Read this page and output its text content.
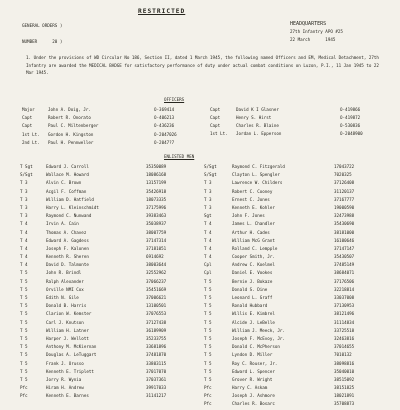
RESTRICTED
GENERAL ORDERS )
NUMBER      20 )
HEADQUARTERS
27th Infantry APO #25
22 March      1945
1. Under the provisions of WD Circular No 186, Section II, dated 1 March 1945, the following named Officers and EM, Medical Detachment, 27th Infantry are awarded the MEDICAL BADGE for satisfactory performance of duty under actual combat conditions on Luzon, P.I., 11 Jan 1945 to 22 Mar 1945.
OFFICERS
Major	John A. Doig, Jr.	O-369414
Capt	Robert R. Onorato	O-406213
Capt	Paul C. Miltenberger	O-436236
1st Lt. Gordon H. Kingston	O-2047026
2nd Lt. Paul H. Pennweller	O-2047?7
Capt	David K I Glasner	O-419866
Capt	Henry S. Hirst	O-419872
Capt	Charles R. Blaine	O-530836
1st Lt. Jordan L. Epperson	O-2048900
ENLISTED MEN
T Sgt	Edward J. Carroll	35350089
S/Sgt	Wallace M. Howard	18086168
T 3	Alvin C. Brown	13157199
T 3	Acgil F. Coffman	35426918
T 3	William D. Hatfield	18073335
T 3	Harry L. Kleinschmidt	37175996
T 3	Raymond C. Nunwand	39383463
T 4	Irvin A. Cain	35038937
T 4	Thomas A. Chavez	38007759
T 4	Edward A. Gagdess	37147314
T 4	Joseph F. Kalonen	37181051
T 4	Kenneth R. Sheren	6914692
T 4	David D. Talmonte	38003644
T 5	John R. Brindl	32552962
T 5	Ralph Alexander	37066237
T 5	Orville NMI Cox	35451669
T 5	Edith N. Gile	37006621
T 5	Donald B. Harris	13100501
T 5	Clarion W. Kemster	37076553
T 5	Carl J. Knutson	37127438
T 5	William H. Latner	36189909
T 5	Harper J. Wellott	35233755
T 5	Anthony M. McKiernan	33681896
T 5	Douglas A. LeTuggart	37481870
T 5	Frank J. Orusso	33803115
T 5	Kenneth E. Triplett	37017070
T 5	Jorry R. Wynia	37037361
Pfc	Hiram H. Andrew	39917033
Pfc	Kenneth E. Barnes	31141217
S/Sgt	Raymond C. Fitzgerald	17043722
S/Sgt	Clayton L. Spengler	7020325
T 3	Lawrence W. Childers	37126408
T 3	Robert C. Cooney	31120137
T 3	Ernest C. Jones	37167777
T 3	Kenneth E. Kohler	19000590
Sgt	John F. Jones	32473988
T 4	James L. Chandler	35430690
T 4	Arthur H. Cades	38181000
T 4	William McG Grant	16100646
T 4	Rolland C. Lempple	37147147
T 4	Cooper Smith, Jr.	35430507
Cpl	Andrew C. Koelmel	37485149
Cpl	Daniel E. Vookes	38684071
T 5	Bernie J. Bokaze	37176506
T 5	Donald S. Dine	32218814
T 5	Leonard L. Graff	33037008
T 5	Ronald Hubbard	37130953
T 5	Willis E. Kimbrel	38121496
T 5	Alcide J. LeBelle	31114834
T 5	William J. Meeck, Jr.	33725518
T 5	Joseph F. McEvoy, Jr.	32463816
T 5	Donald C. McPherson	37014655
T 5	Lyndon D. Miller	7010132
T 5	Roy C. Rouser, Jr.	38098816
T 5	Edward L. Spencer	35040010
T 5	Grover R. Wright	38515092
Pfc	Harry C. Askam	38151825
Pfc	Joseph J. Ashmore	18021891
Pfc	Charles R. Bosarc	35708873
